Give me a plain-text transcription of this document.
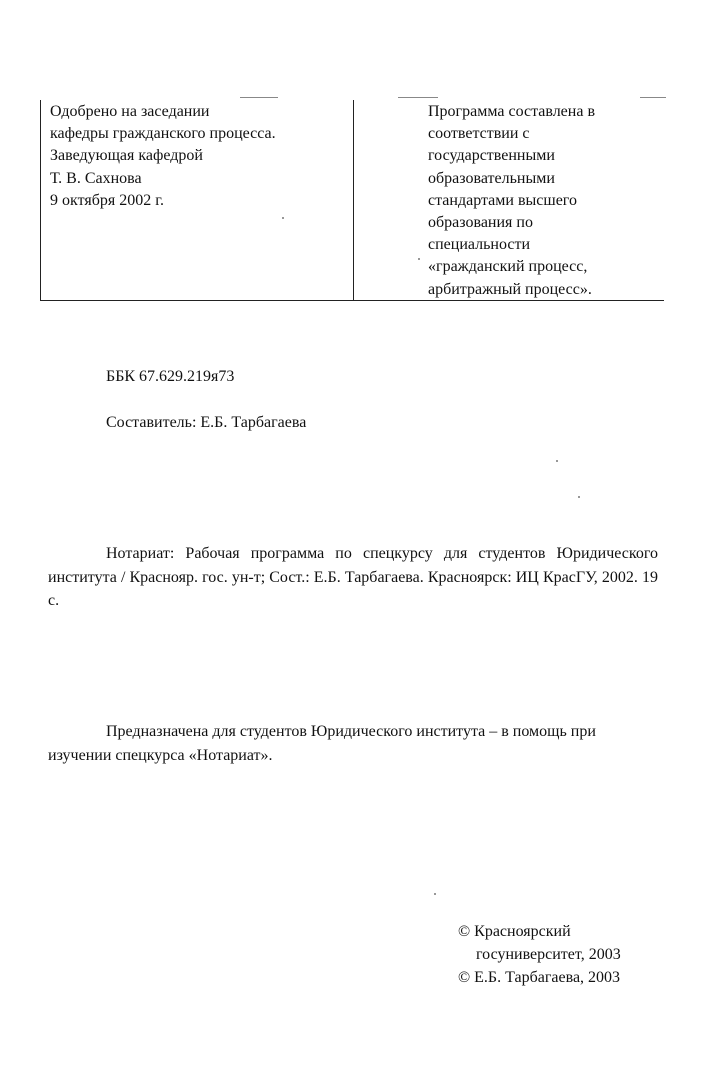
Одобрено на заседании
кафедры гражданского процесса.
Заведующая кафедрой
Т. В. Сахнова
9 октября 2002 г.
Программа составлена в
соответствии с
государственными
образовательными
стандартами высшего
образования по
специальности
«гражданский процесс,
арбитражный процесс».
ББК 67.629.219я73
Составитель: Е.Б. Тарбагаева
Нотариат: Рабочая программа по спецкурсу для студентов Юридического института / Краснояр. гос. ун-т; Сост.: Е.Б. Тарбагаева. Красноярск: ИЦ КрасГУ, 2002. 19 с.
Предназначена для студентов Юридического института – в помощь при изучении спецкурса «Нотариат».
© Красноярский
госуниверситет, 2003
© Е.Б. Тарбагаева, 2003
